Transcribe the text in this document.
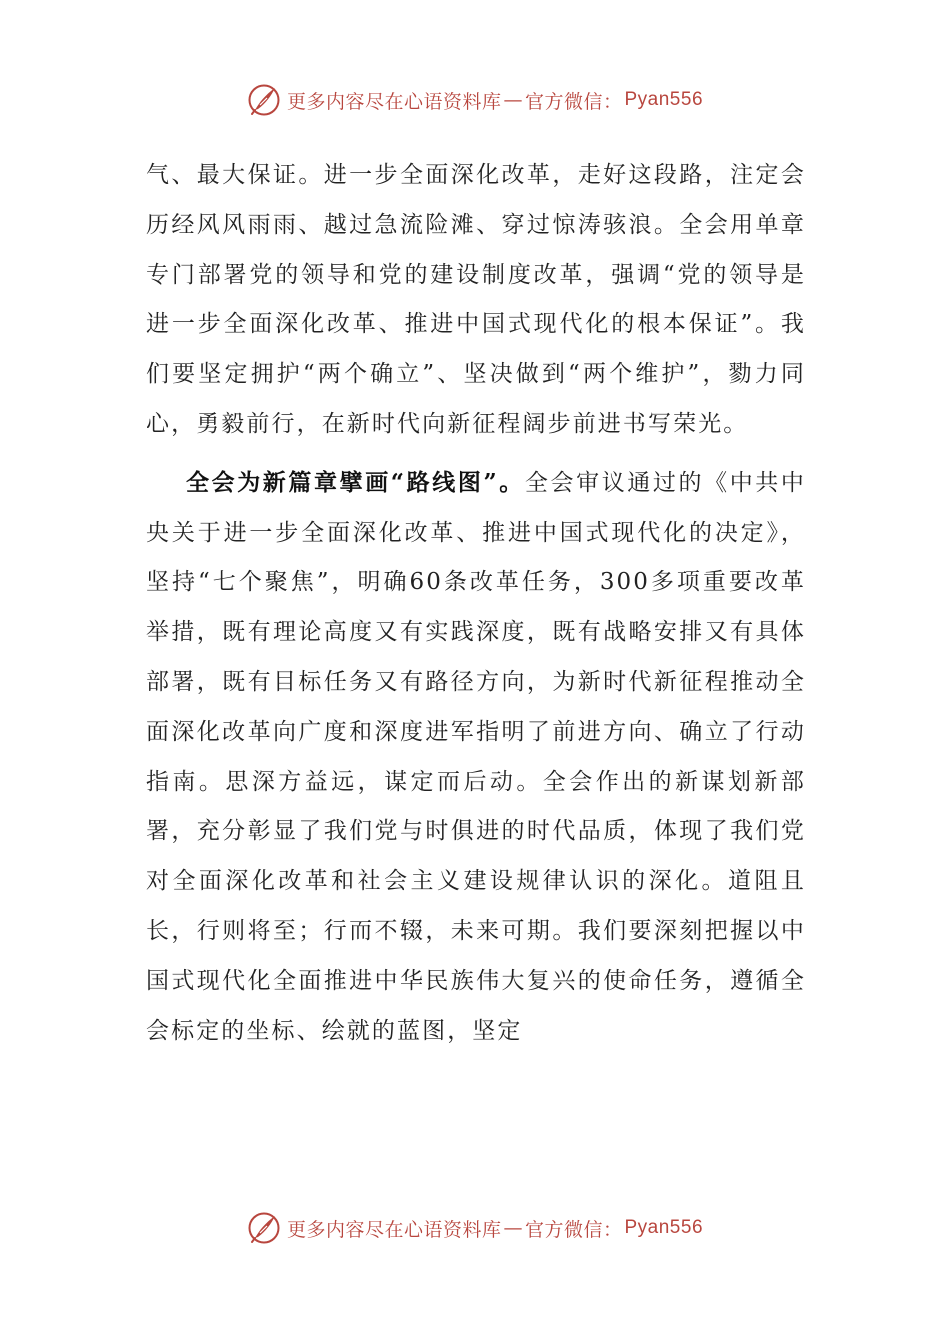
更多内容尽在心语资料库 — 官方微信： Pyan556

气、最大保证。进一步全面深化改革，走好这段路，注定会历经风风雨雨、越过急流险滩、穿过惊涛骇浪。全会用单章专门部署党的领导和党的建设制度改革，强调“党的领导是进一步全面深化改革、推进中国式现代化的根本保证”。我们要坚定拥护“两个确立”、坚决做到“两个维护”，勠力同心，勇毅前行，在新时代向新征程阔步前进书写荣光。

全会为新篇章擘画“路线图”。全会审议通过的《中共中央关于进一步全面深化改革、推进中国式现代化的决定》，坚持“七个聚焦”，明确60条改革任务，300多项重要改革举措，既有理论高度又有实践深度，既有战略安排又有具体部署，既有目标任务又有路径方向，为新时代新征程推动全面深化改革向广度和深度进军指明了前进方向、确立了行动指南。思深方益远，谋定而后动。全会作出的新谋划新部署，充分彰显了我们党与时俱进的时代品质，体现了我们党对全面深化改革和社会主义建设规律认识的深化。道阻且长，行则将至；行而不辍，未来可期。我们要深刻把握以中国式现代化全面推进中华民族伟大复兴的使命任务，遵循全会标定的坐标、绘就的蓝图，坚定

更多内容尽在心语资料库 — 官方微信： Pyan556
